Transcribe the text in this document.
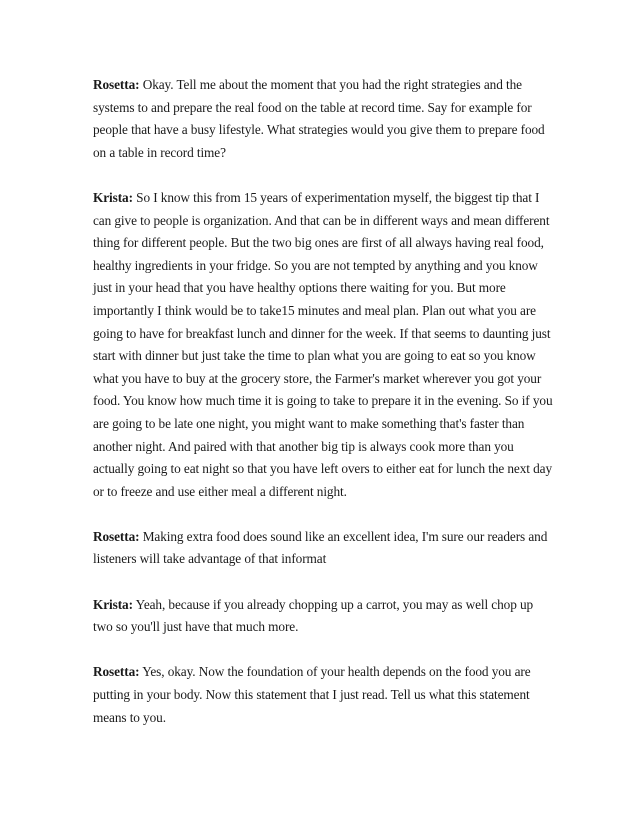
Rosetta: Okay. Tell me about the moment that you had the right strategies and the systems to and prepare the real food on the table at record time. Say for example for people that have a busy lifestyle. What strategies would you give them to prepare food on a table in record time?

Krista: So I know this from 15 years of experimentation myself, the biggest tip that I can give to people is organization. And that can be in different ways and mean different thing for different people. But the two big ones are first of all always having real food, healthy ingredients in your fridge. So you are not tempted by anything and you know just in your head that you have healthy options there waiting for you. But more importantly I think would be to take15 minutes and meal plan. Plan out what you are going to have for breakfast lunch and dinner for the week. If that seems to daunting just start with dinner but just take the time to plan what you are going to eat so you know what you have to buy at the grocery store, the Farmer's market wherever you got your food. You know how much time it is going to take to prepare it in the evening. So if you are going to be late one night, you might want to make something that's faster than another night. And paired with that another big tip is always cook more than you actually going to eat night so that you have left overs to either eat for lunch the next day or to freeze and use either meal a different night.

Rosetta: Making extra food does sound like an excellent idea, I'm sure our readers and listeners will take advantage of that informat

Krista: Yeah, because if you already chopping up a carrot, you may as well chop up two so you'll just have that much more.

Rosetta: Yes, okay. Now the foundation of your health depends on the food you are putting in your body. Now this statement that I just read. Tell us what this statement means to you.
